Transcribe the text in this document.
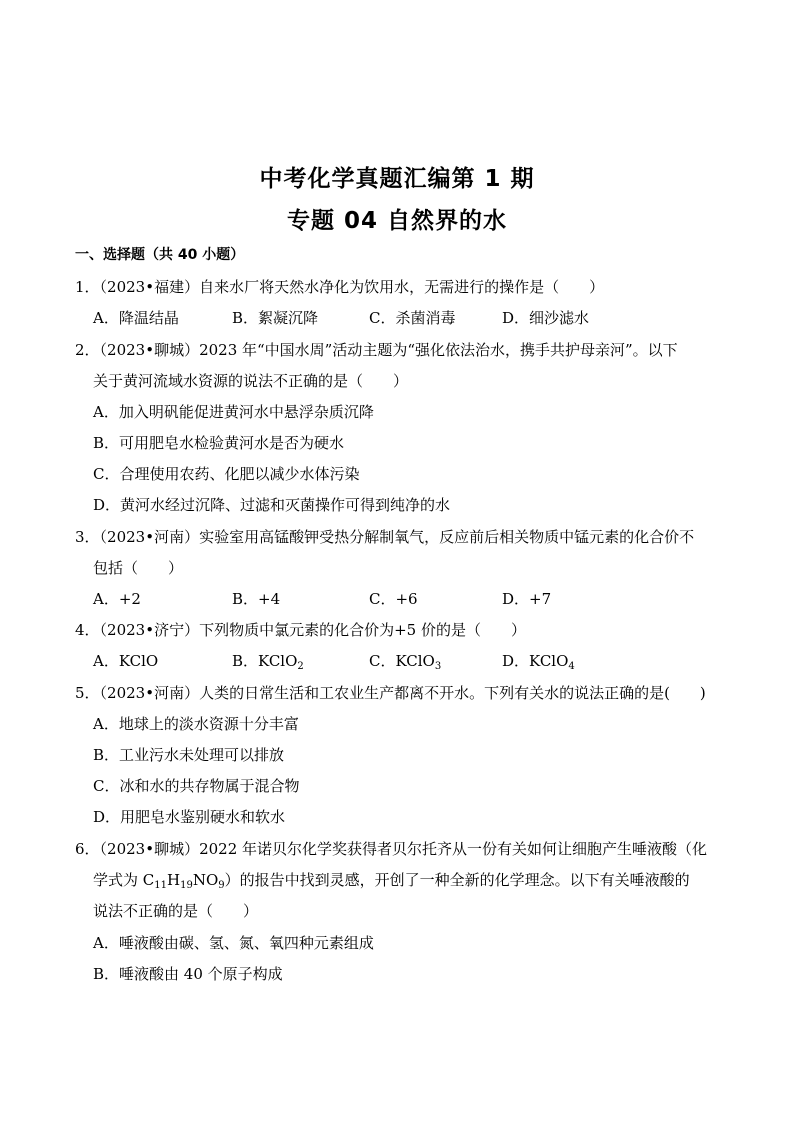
中考化学真题汇编第 1 期
专题 04 自然界的水
一、选择题（共 40 小题）
1．（2023•福建）自来水厂将天然水净化为饮用水，无需进行的操作是（　　）
A．降温结晶	B．絮凝沉降	C．杀菌消毒	D．细沙滤水
2．（2023•聊城）2023 年“中国水周”活动主题为“强化依法治水，携手共护母亲河”。以下
关于黄河流域水资源的说法不正确的是（　　）
A．加入明矾能促进黄河水中悬浮杂质沉降
B．可用肥皂水检验黄河水是否为硬水
C．合理使用农药、化肥以减少水体污染
D．黄河水经过沉降、过滤和灭菌操作可得到纯净的水
3．（2023•河南）实验室用高锰酸钾受热分解制氧气，反应前后相关物质中锰元素的化合价不
包括（　　）
A．+2	B．+4	C．+6	D．+7
4．（2023•济宁）下列物质中氯元素的化合价为+5 价的是（　　）
A．KClO	B．KClO$_2$	C．KClO$_3$	D．KClO$_4$
5．（2023•河南）人类的日常生活和工农业生产都离不开水。下列有关水的说法正确的是(　　)
A．地球上的淡水资源十分丰富
B．工业污水未处理可以排放
C．冰和水的共存物属于混合物
D．用肥皂水鉴别硬水和软水
6．（2023•聊城）2022 年诺贝尔化学奖获得者贝尔托齐从一份有关如何让细胞产生唾液酸（化
学式为 $C_{11}H_{19}NO_9$）的报告中找到灵感，开创了一种全新的化学理念。以下有关唾液酸的
说法不正确的是（　　）
A．唾液酸由碳、氢、氮、氧四种元素组成
B．唾液酸由 40 个原子构成
